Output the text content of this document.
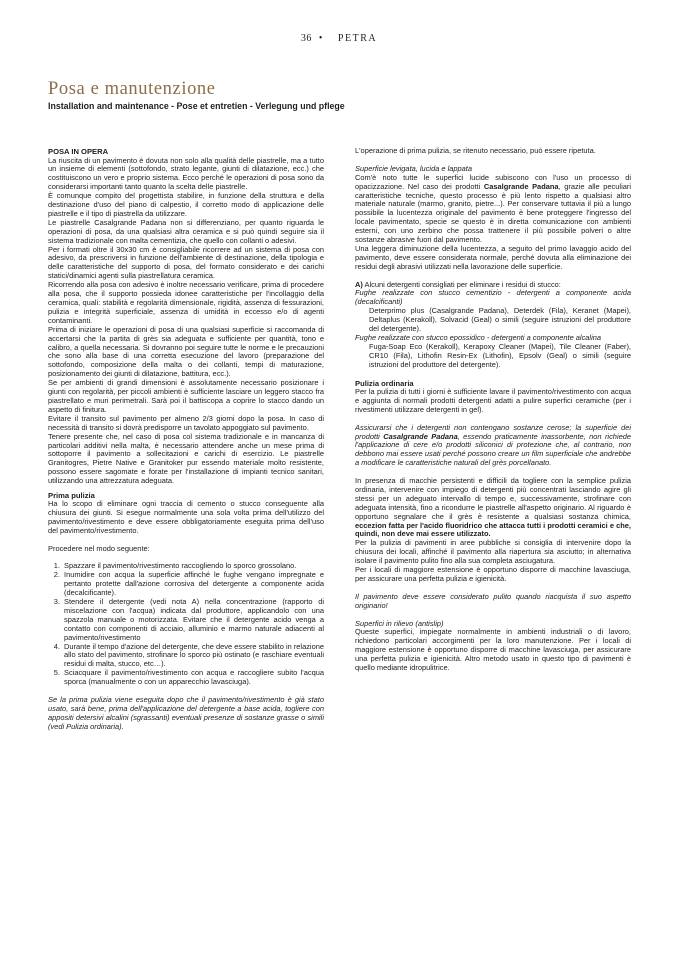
36 • PETRA
Posa e manutenzione
Installation and maintenance - Pose et entretien - Verlegung und pflege
POSA IN OPERA

La riuscita di un pavimento è dovuta non solo alla qualità delle piastrelle, ma a tutto un insieme di elementi (sottofondo, strato legante, giunti di dilatazione, ecc.) che costituiscono un vero e proprio sistema. Ecco perché le operazioni di posa sono da considerarsi importanti tanto quanto la scelta delle piastrelle.

È comunque compito del progettista stabilire, in funzione della struttura e della destinazione d'uso del piano di calpestio, il corretto modo di applicazione delle piastrelle e il tipo di piastrella da utilizzare.

Le piastrelle Casalgrande Padana non si differenziano, per quanto riguarda le operazioni di posa, da una qualsiasi altra ceramica e si può quindi seguire sia il sistema tradizionale con malta cementizia, che quello con collanti o adesivi.

Per i formati oltre il 30x30 cm è consigliabile ricorrere ad un sistema di posa con adesivo, da prescriversi in funzione dell'ambiente di destinazione, della tipologia e delle caratteristiche del supporto di posa, del formato considerato e dei carichi statici/dinamici agenti sulla piastrellatura ceramica.

Ricorrendo alla posa con adesivo è inoltre necessario verificare, prima di procedere alla posa, che il supporto possieda idonee caratteristiche per l'incollaggio della ceramica, quali: stabilità e regolarità dimensionale, rigidità, assenza di fessurazioni, pulizia e integrità superficiale, assenza di umidità in eccesso e/o di agenti contaminanti.

Prima di iniziare le operazioni di posa di una qualsiasi superficie si raccomanda di accertarsi che la partita di grès sia adeguata e sufficiente per quantità, tono e calibro, a quella necessaria. Si dovranno poi seguire tutte le norme e le precauzioni che sono alla base di una corretta esecuzione del lavoro (preparazione del sottofondo, composizione della malta o dei collanti, tempi di maturazione, posizionamento dei giunti di dilatazione, battitura, ecc.).

Se per ambienti di grandi dimensioni è assolutamente necessario posizionare i giunti con regolarità, per piccoli ambienti è sufficiente lasciare un leggero stacco fra piastrellato e muri perimetrali. Sarà poi il battiscopa a coprire lo stacco dando un aspetto di finitura.

Evitare il transito sul pavimento per almeno 2/3 giorni dopo la posa. In caso di necessità di transito si dovrà predisporre un tavolato appoggiato sul pavimento.

Tenere presente che, nel caso di posa col sistema tradizionale e in mancanza di particolari additivi nella malta, è necessario attendere anche un mese prima di sottoporre il pavimento a sollecitazioni e carichi di esercizio. Le piastrelle Granitogres, Pietre Native e Granitoker pur essendo materiale molto resistente, possono essere sagomate e forate per l'installazione di impianti tecnico sanitari, utilizzando una attrezzatura adeguata.

Prima pulizia

Ha lo scopo di eliminare ogni traccia di cemento o stucco conseguente alla chiusura dei giunti. Si esegue normalmente una sola volta prima dell'utilizzo del pavimento/rivestimento e deve essere obbligatoriamente eseguita prima dell'uso del pavimento/rivestimento.

Procedere nel modo seguente:

1. Spazzare il pavimento/rivestimento raccogliendo lo sporco grossolano.
2. Inumidire con acqua la superficie affinché le fughe vengano impregnate e pertanto protette dall'azione corrosiva del detergente a componente acida (decalcificante).
3. Stendere il detergente (vedi nota A) nella concentrazione (rapporto di miscelazione con l'acqua) indicata dal produttore, applicandolo con una spazzola manuale o motorizzata. Evitare che il detergente acido venga a contatto con componenti di acciaio, alluminio e marmo naturale adiacenti al pavimento/rivestimento
4. Durante il tempo d'azione del detergente, che deve essere stabilito in relazione allo stato del pavimento, strofinare lo sporco più ostinato (e raschiare eventuali residui di malta, stucco, etc…).
5. Sciacquare il pavimento/rivestimento con acqua e raccogliere subito l'acqua sporca (manualmente o con un apparecchio lavasciuga).

Se la prima pulizia viene eseguita dopo che il pavimento/rivestimento è già stato usato, sarà bene, prima dell'applicazione del detergente a base acida, togliere con appositi detersivi alcalini (sgrassanti) eventuali presenze di sostanze grasse o simili (vedi Pulizia ordinaria).

L'operazione di prima pulizia, se ritenuto necessario, può essere ripetuta.

Superficie levigata, lucida e lappata

Com'è noto tutte le superfici lucide subiscono con l'uso un processo di opacizzazione. Nel caso dei prodotti Casalgrande Padana, grazie alle peculiari caratteristiche tecniche, questo processo è più lento rispetto a qualsiasi altro materiale naturale (marmo, granito, pietre...). Per conservare tuttavia il più a lungo possibile la lucentezza originale del pavimento è bene proteggere l'ingresso del locale pavimentato, specie se questo è in diretta comunicazione con ambienti esterni, con uno zerbino che possa trattenere il più possibile polveri o altre sostanze abrasive fuori dal pavimento.

Una leggera diminuzione della lucentezza, a seguito del primo lavaggio acido del pavimento, deve essere considerata normale, perché dovuta alla eliminazione dei residui degli abrasivi utilizzati nella lavorazione delle superficie.

A) Alcuni detergenti consigliati per eliminare i residui di stucco:

Fughe realizzate con stucco cementizio - detergenti a componente acida (decalcificanti)

Deterprimo plus (Casalgrande Padana), Deterdek (Fila), Keranet (Mapei), Deltaplus (Kerakoll), Solvacid (Geal) o simili (seguire istruzioni del produttore del detergente).

Fughe realizzate con stucco epossidico - detergenti a componente alcalina

Fuga-Soap Eco (Kerakoll), Kerapoxy Cleaner (Mapei), Tile Cleaner (Faber), CR10 (Fila), Lithofin Resin-Ex (Lithofin), Epsolv (Geal) o simili (seguire istruzioni del produttore del detergente).

Pulizia ordinaria

Per la pulizia di tutti i giorni è sufficiente lavare il pavimento/rivestimento con acqua e aggiunta di normali prodotti detergenti adatti a pulire superfici ceramiche (per i rivestimenti utilizzare detergenti in gel).

Assicurarsi che i detergenti non contengano sostanze cerose; la superficie dei prodotti Casalgrande Padana, essendo praticamente inassorbente, non richiede l'applicazione di cere e/o prodotti siliconici di protezione che, al contrario, non debbono mai essere usati perché possono creare un film superficiale che andrebbe a modificare le caratteristiche naturali del grès porcellanato.

In presenza di macchie persistenti e difficili da togliere con la semplice pulizia ordinaria, intervenire con impiego di detergenti più concentrati lasciando agire gli stessi per un adeguato intervallo di tempo e, successivamente, strofinare con adeguata intensità, fino a ricondurre le piastrelle all'aspetto originario. Al riguardo è opportuno segnalare che il grès è resistente a qualsiasi sostanza chimica, eccezion fatta per l'acido fluoridrico che attacca tutti i prodotti ceramici e che, quindi, non deve mai essere utilizzato.

Per la pulizia di pavimenti in aree pubbliche si consiglia di intervenire dopo la chiusura dei locali, affinché il pavimento alla riapertura sia asciutto; in alternativa isolare il pavimento pulito fino alla sua completa asciugatura.

Per i locali di maggiore estensione è opportuno disporre di macchine lavasciuga, per assicurare una perfetta pulizia e igienicità.

Il pavimento deve essere considerato pulito quando riacquista il suo aspetto originario!

Superfici in rilievo (antislip)

Queste superfici, impiegate normalmente in ambienti industriali o di lavoro, richiedono particolari accorgimenti per la loro manutenzione. Per i locali di maggiore estensione è opportuno disporre di macchine lavasciuga, per assicurare una perfetta pulizia e igienicità. Altro metodo usato in questo tipo di pavimenti è quello mediante idropulitrice.
